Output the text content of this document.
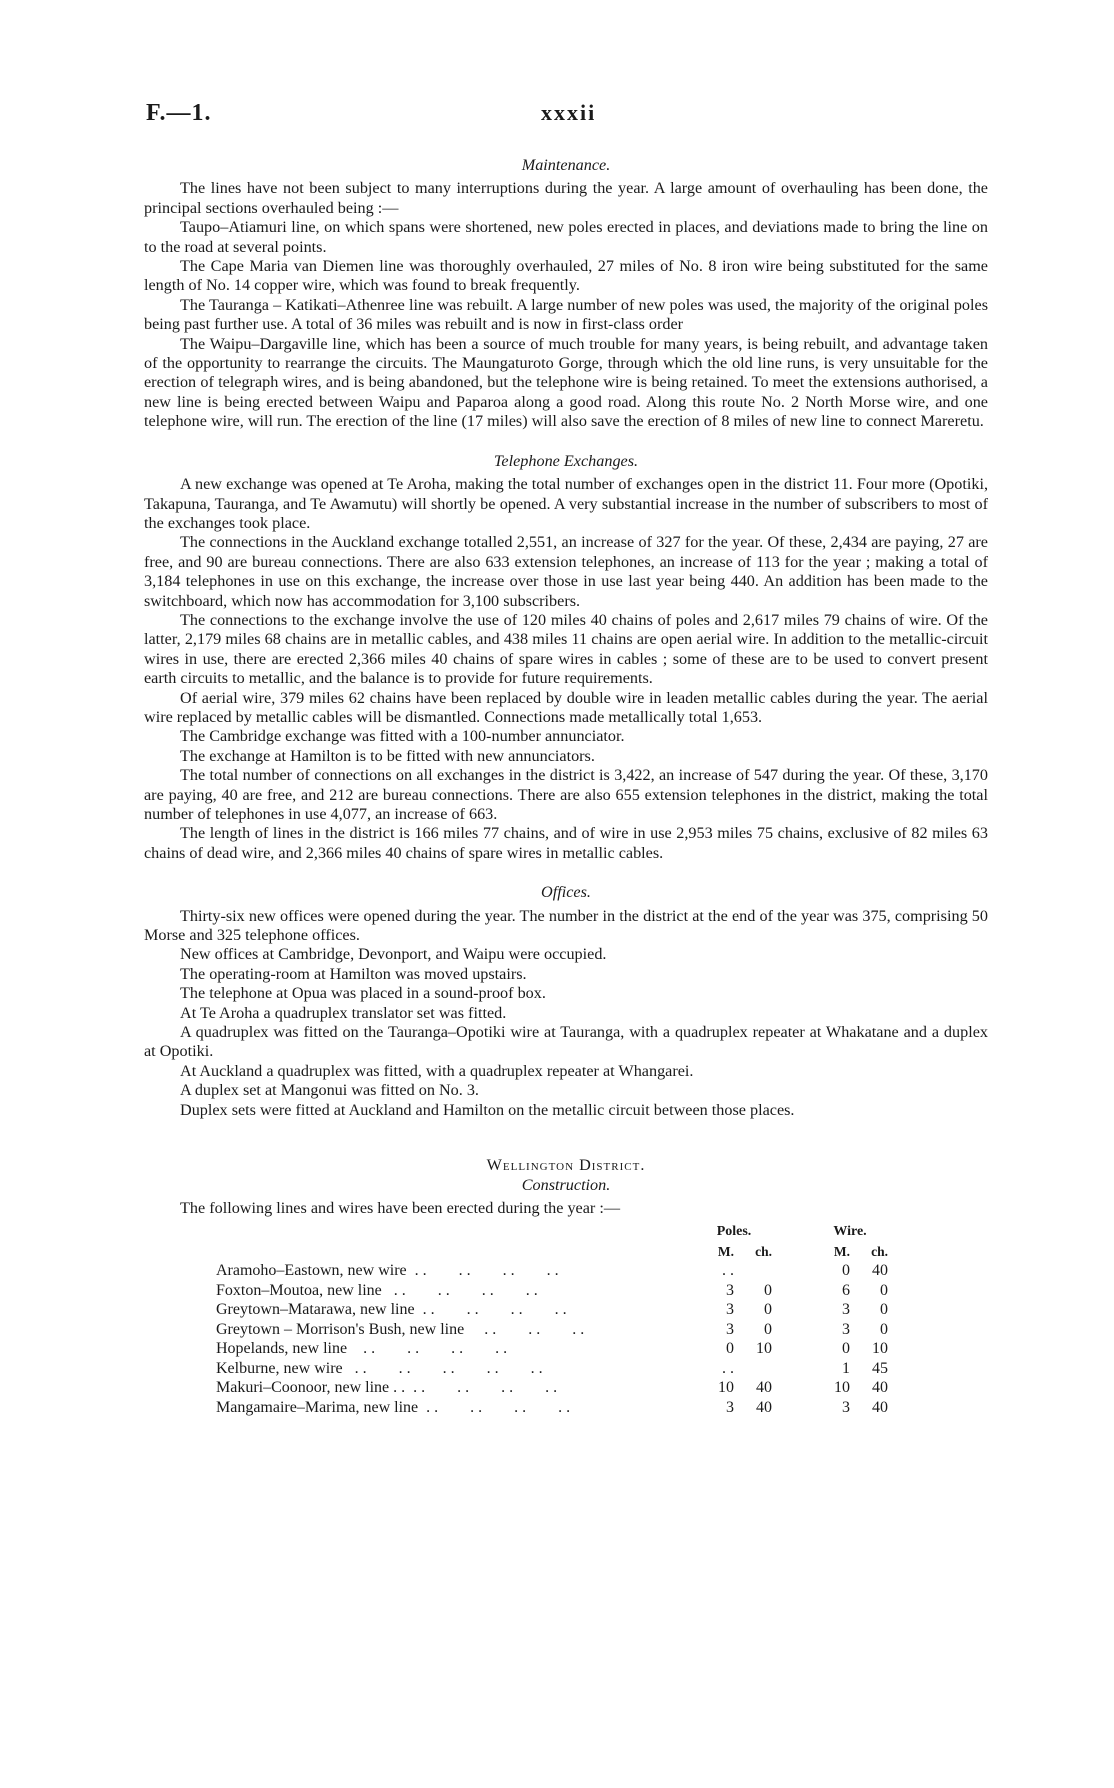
F.—1.	xxxii
Maintenance.

The lines have not been subject to many interruptions during the year. A large amount of overhauling has been done, the principal sections overhauled being :—

Taupo–Atiamuri line, on which spans were shortened, new poles erected in places, and deviations made to bring the line on to the road at several points.

The Cape Maria van Diemen line was thoroughly overhauled, 27 miles of No. 8 iron wire being substituted for the same length of No. 14 copper wire, which was found to break frequently.

The Tauranga – Katikati–Athenree line was rebuilt. A large number of new poles was used, the majority of the original poles being past further use. A total of 36 miles was rebuilt and is now in first-class order

The Waipu–Dargaville line, which has been a source of much trouble for many years, is being rebuilt, and advantage taken of the opportunity to rearrange the circuits. The Maungaturoto Gorge, through which the old line runs, is very unsuitable for the erection of telegraph wires, and is being abandoned, but the telephone wire is being retained. To meet the extensions authorised, a new line is being erected between Waipu and Paparoa along a good road. Along this route No. 2 North Morse wire, and one telephone wire, will run. The erection of the line (17 miles) will also save the erection of 8 miles of new line to connect Mareretu.

Telephone Exchanges.

A new exchange was opened at Te Aroha, making the total number of exchanges open in the district 11. Four more (Opotiki, Takapuna, Tauranga, and Te Awamutu) will shortly be opened. A very substantial increase in the number of subscribers to most of the exchanges took place.

The connections in the Auckland exchange totalled 2,551, an increase of 327 for the year. Of these, 2,434 are paying, 27 are free, and 90 are bureau connections. There are also 633 extension telephones, an increase of 113 for the year ; making a total of 3,184 telephones in use on this exchange, the increase over those in use last year being 440. An addition has been made to the switchboard, which now has accommodation for 3,100 subscribers.

The connections to the exchange involve the use of 120 miles 40 chains of poles and 2,617 miles 79 chains of wire. Of the latter, 2,179 miles 68 chains are in metallic cables, and 438 miles 11 chains are open aerial wire. In addition to the metallic-circuit wires in use, there are erected 2,366 miles 40 chains of spare wires in cables ; some of these are to be used to convert present earth circuits to metallic, and the balance is to provide for future requirements.

Of aerial wire, 379 miles 62 chains have been replaced by double wire in leaden metallic cables during the year. The aerial wire replaced by metallic cables will be dismantled. Connections made metallically total 1,653.

The Cambridge exchange was fitted with a 100-number annunciator.

The exchange at Hamilton is to be fitted with new annunciators.

The total number of connections on all exchanges in the district is 3,422, an increase of 547 during the year. Of these, 3,170 are paying, 40 are free, and 212 are bureau connections. There are also 655 extension telephones in the district, making the total number of telephones in use 4,077, an increase of 663.

The length of lines in the district is 166 miles 77 chains, and of wire in use 2,953 miles 75 chains, exclusive of 82 miles 63 chains of dead wire, and 2,366 miles 40 chains of spare wires in metallic cables.

Offices.

Thirty-six new offices were opened during the year. The number in the district at the end of the year was 375, comprising 50 Morse and 325 telephone offices.

New offices at Cambridge, Devonport, and Waipu were occupied.

The operating-room at Hamilton was moved upstairs.

The telephone at Opua was placed in a sound-proof box.

At Te Aroha a quadruplex translator set was fitted.

A quadruplex was fitted on the Tauranga–Opotiki wire at Tauranga, with a quadruplex repeater at Whakatane and a duplex at Opotiki.

At Auckland a quadruplex was fitted, with a quadruplex repeater at Whangarei.

A duplex set at Mangonui was fitted on No. 3.

Duplex sets were fitted at Auckland and Hamilton on the metallic circuit between those places.

Wellington District.
Construction.

The following lines and wires have been erected during the year :—

	Poles.			Wire.	
	M.	ch.		M.	ch.
Aramoho–Eastown, new wire  . .        . .        . .        . .	. .			0	40
Foxton–Moutoa, new line   . .        . .        . .        . .	3	0		6	0
Greytown–Matarawa, new line  . .        . .        . .        . .	3	0		3	0
Greytown – Morrison's Bush, new line     . .        . .        . .	3	0		3	0
Hopelands, new line    . .        . .        . .        . .	0	10		0	10
Kelburne, new wire   . .        . .        . .        . .        . .	. .			1	45
Makuri–Coonoor, new line . .  . .        . .        . .        . .	10	40		10	40
Mangamaire–Marima, new line  . .        . .        . .        . .	3	40		3	40
